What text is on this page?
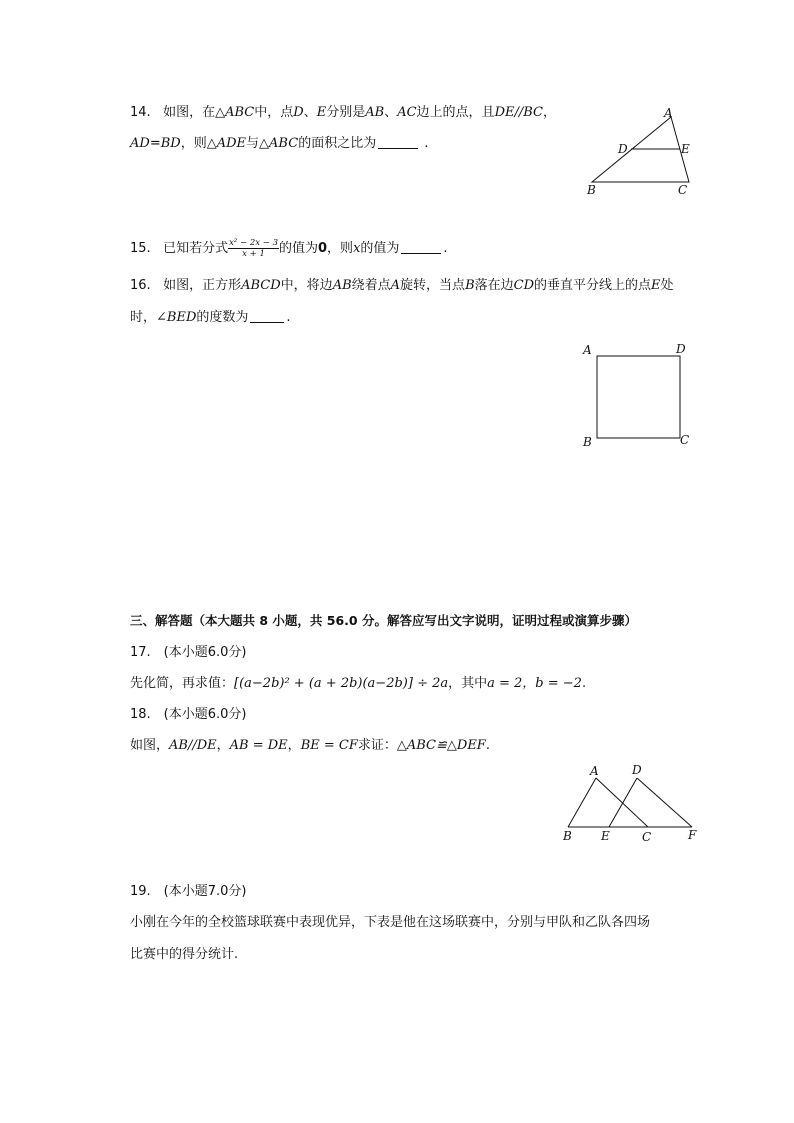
14. 如图，在△ABC中，点D、E分别是AB、AC边上的点，且DE//BC，
AD=BD，则△ADE与△ABC的面积之比为	.
A
D	E
B	C
15. 已知若分式 $\frac{\text{x² − 2x − 3}}{x + 1}$ 的值为0，则x的值为	.
16. 如图，正方形ABCD中，将边AB绕着点A旋转，当点B落在边CD的垂直平分线上的点E处
时，∠BED的度数为	.
A	D
B	C
三、解答题（本大题共 8 小题，共 56.0 分。解答应写出文字说明，证明过程或演算步骤）
17.　(本小题6.0分)
先化简，再求值：[(a−2b)² + (a + 2b)(a−2b)] ÷ 2a，其中a = 2，b = −2.
18.　(本小题6.0分)
如图，AB//DE，AB = DE，BE = CF求证：△ABC≌△DEF.
A	D
B E	C	F
19.　(本小题7.0分)
小刚在今年的全校篮球联赛中表现优异，下表是他在这场联赛中，分别与甲队和乙队各四场
比赛中的得分统计.
